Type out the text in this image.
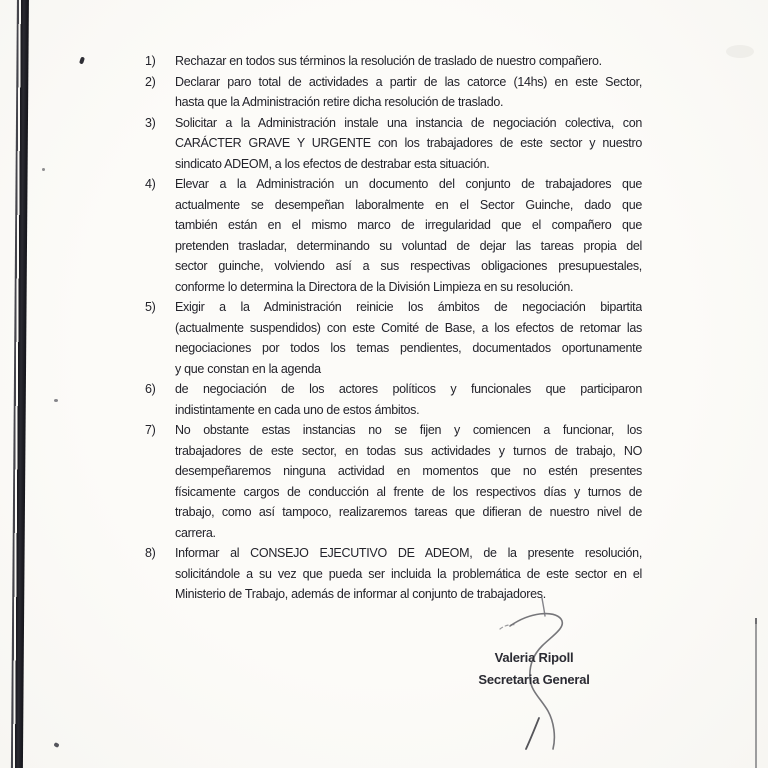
1)	Rechazar en todos sus términos la resolución de traslado de nuestro compañero.
2)	Declarar paro total de actividades a partir de las catorce (14hs) en este Sector,
hasta que la Administración retire dicha resolución de traslado.
3)	Solicitar a la Administración instale una instancia de negociación colectiva, con
CARÁCTER GRAVE Y URGENTE con los trabajadores de este sector y nuestro
sindicato ADEOM, a los efectos de destrabar esta situación.
4)	Elevar a la Administración un documento del conjunto de trabajadores que
actualmente se desempeñan laboralmente en el Sector Guinche, dado que
también están en el mismo marco de irregularidad que el compañero que
pretenden trasladar, determinando su voluntad de dejar las tareas propia del
sector guinche, volviendo así a sus respectivas obligaciones presupuestales,
conforme lo determina la Directora de la División Limpieza en su resolución.
5)	Exigir a la Administración reinicie los ámbitos de negociación bipartita
(actualmente suspendidos) con este Comité de Base, a los efectos de retomar las
negociaciones por todos los temas pendientes, documentados oportunamente
y que constan en la agenda
6)	de negociación de los actores políticos y funcionales que participaron
indistintamente en cada uno de estos ámbitos.
7)	No obstante estas instancias no se fijen y comiencen a funcionar, los
trabajadores de este sector, en todas sus actividades y turnos de trabajo, NO
desempeñaremos ninguna actividad en momentos que no estén presentes
físicamente cargos de conducción al frente de los respectivos días y turnos de
trabajo, como así tampoco, realizaremos tareas que difieran de nuestro nivel de
carrera.
8)	Informar al CONSEJO EJECUTIVO DE ADEOM, de la presente resolución,
solicitándole a su vez que pueda ser incluida la problemática de este sector en el
Ministerio de Trabajo, además de informar al conjunto de trabajadores.
Valeria Ripoll
Secretaria General
